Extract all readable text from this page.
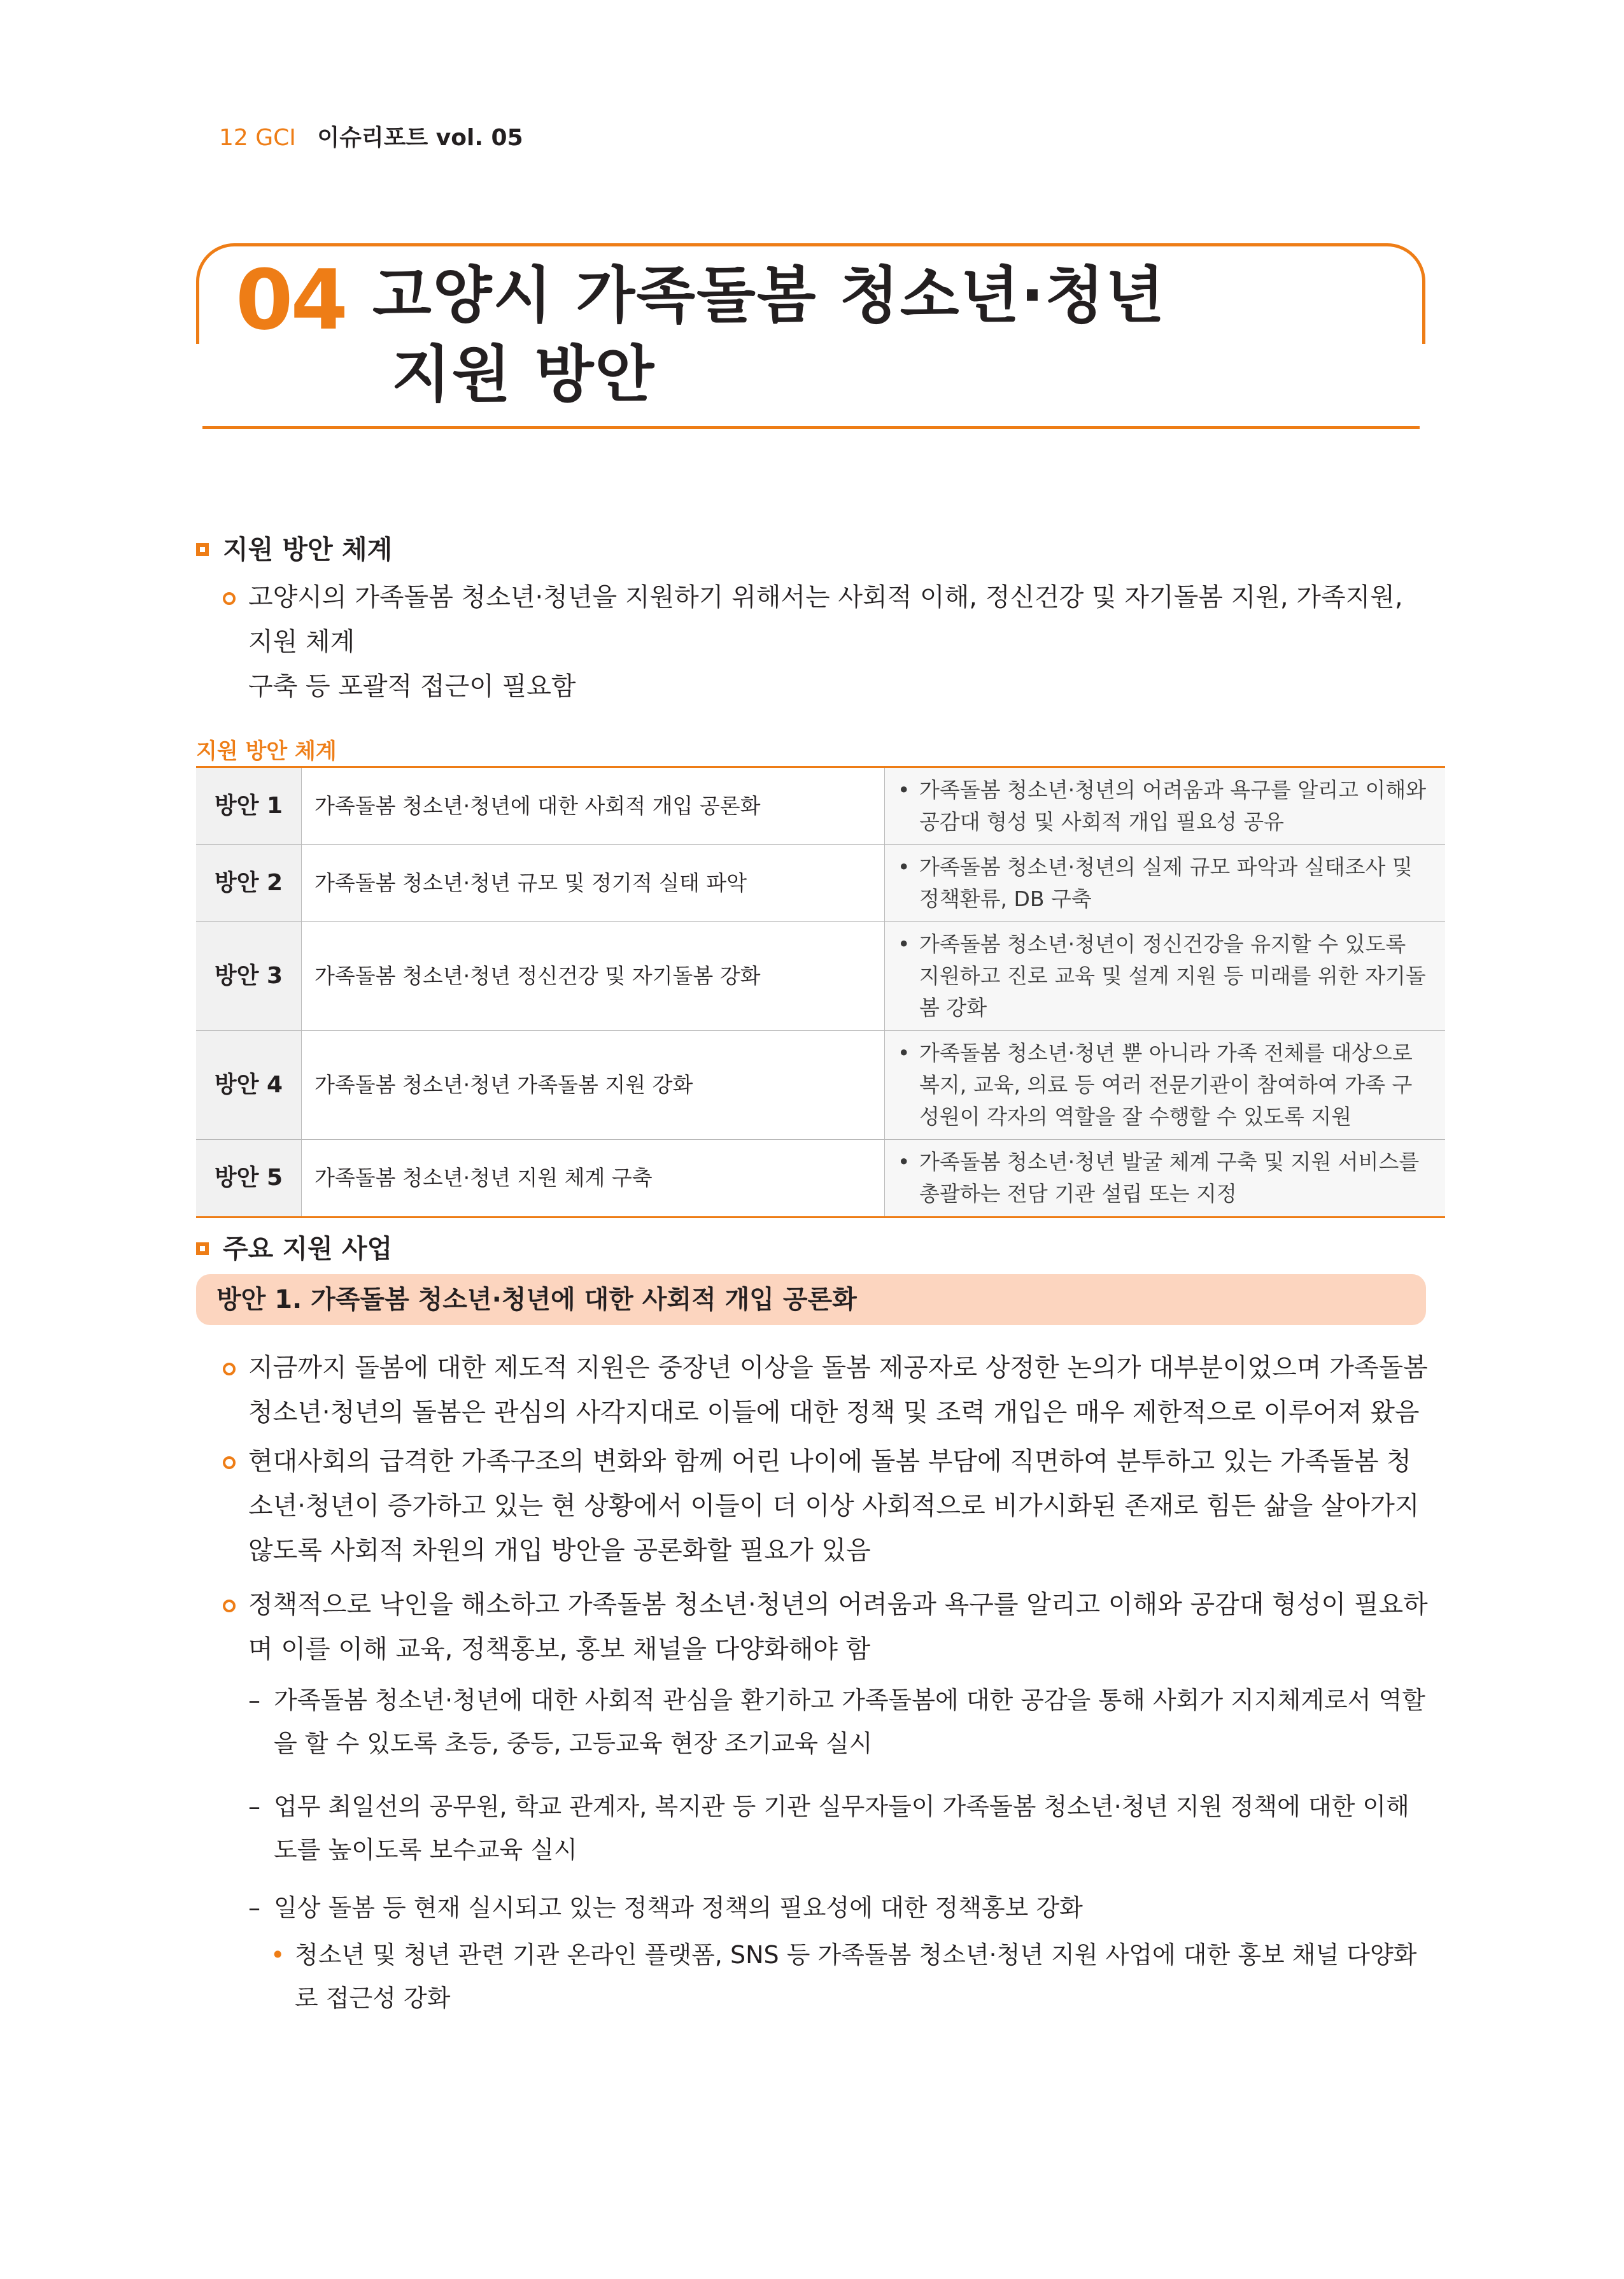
12 GCI 이슈리포트 vol. 05
04 고양시 가족돌봄 청소년·청년
지원 방안
지원 방안 체계
고양시의 가족돌봄 청소년·청년을 지원하기 위해서는 사회적 이해, 정신건강 및 자기돌봄 지원, 가족지원, 지원 체계
구축 등 포괄적 접근이 필요함
지원 방안 체계
방안 1	가족돌봄 청소년·청년에 대한 사회적 개입 공론화	• 가족돌봄 청소년·청년의 어려움과 욕구를 알리고 이해와 공감대 형성 및 사회적 개입 필요성 공유

방안 2	가족돌봄 청소년·청년 규모 및 정기적 실태 파악	• 가족돌봄 청소년·청년의 실제 규모 파악과 실태조사 및 정책환류, DB 구축

방안 3	가족돌봄 청소년·청년 정신건강 및 자기돌봄 강화	• 가족돌봄 청소년·청년이 정신건강을 유지할 수 있도록 지원하고 진로 교육 및 설계 지원 등 미래를 위한 자기돌봄 강화

방안 4	가족돌봄 청소년·청년 가족돌봄 지원 강화	• 가족돌봄 청소년·청년 뿐 아니라 가족 전체를 대상으로 복지, 교육, 의료 등 여러 전문기관이 참여하여 가족 구성원이 각자의 역할을 잘 수행할 수 있도록 지원

방안 5	가족돌봄 청소년·청년 지원 체계 구축	• 가족돌봄 청소년·청년 발굴 체계 구축 및 지원 서비스를 총괄하는 전담 기관 설립 또는 지정
주요 지원 사업
방안 1. 가족돌봄 청소년·청년에 대한 사회적 개입 공론화
지금까지 돌봄에 대한 제도적 지원은 중장년 이상을 돌봄 제공자로 상정한 논의가 대부분이었으며 가족돌봄 청소년·청년의 돌봄은 관심의 사각지대로 이들에 대한 정책 및 조력 개입은 매우 제한적으로 이루어져 왔음
현대사회의 급격한 가족구조의 변화와 함께 어린 나이에 돌봄 부담에 직면하여 분투하고 있는 가족돌봄 청소년·청년이 증가하고 있는 현 상황에서 이들이 더 이상 사회적으로 비가시화된 존재로 힘든 삶을 살아가지 않도록 사회적 차원의 개입 방안을 공론화할 필요가 있음
정책적으로 낙인을 해소하고 가족돌봄 청소년·청년의 어려움과 욕구를 알리고 이해와 공감대 형성이 필요하며 이를 이해 교육, 정책홍보, 홍보 채널을 다양화해야 함
– 가족돌봄 청소년·청년에 대한 사회적 관심을 환기하고 가족돌봄에 대한 공감을 통해 사회가 지지체계로서 역할을 할 수 있도록 초등, 중등, 고등교육 현장 조기교육 실시
– 업무 최일선의 공무원, 학교 관계자, 복지관 등 기관 실무자들이 가족돌봄 청소년·청년 지원 정책에 대한 이해도를 높이도록 보수교육 실시
– 일상 돌봄 등 현재 실시되고 있는 정책과 정책의 필요성에 대한 정책홍보 강화
• 청소년 및 청년 관련 기관 온라인 플랫폼, SNS 등 가족돌봄 청소년·청년 지원 사업에 대한 홍보 채널 다양화로 접근성 강화
